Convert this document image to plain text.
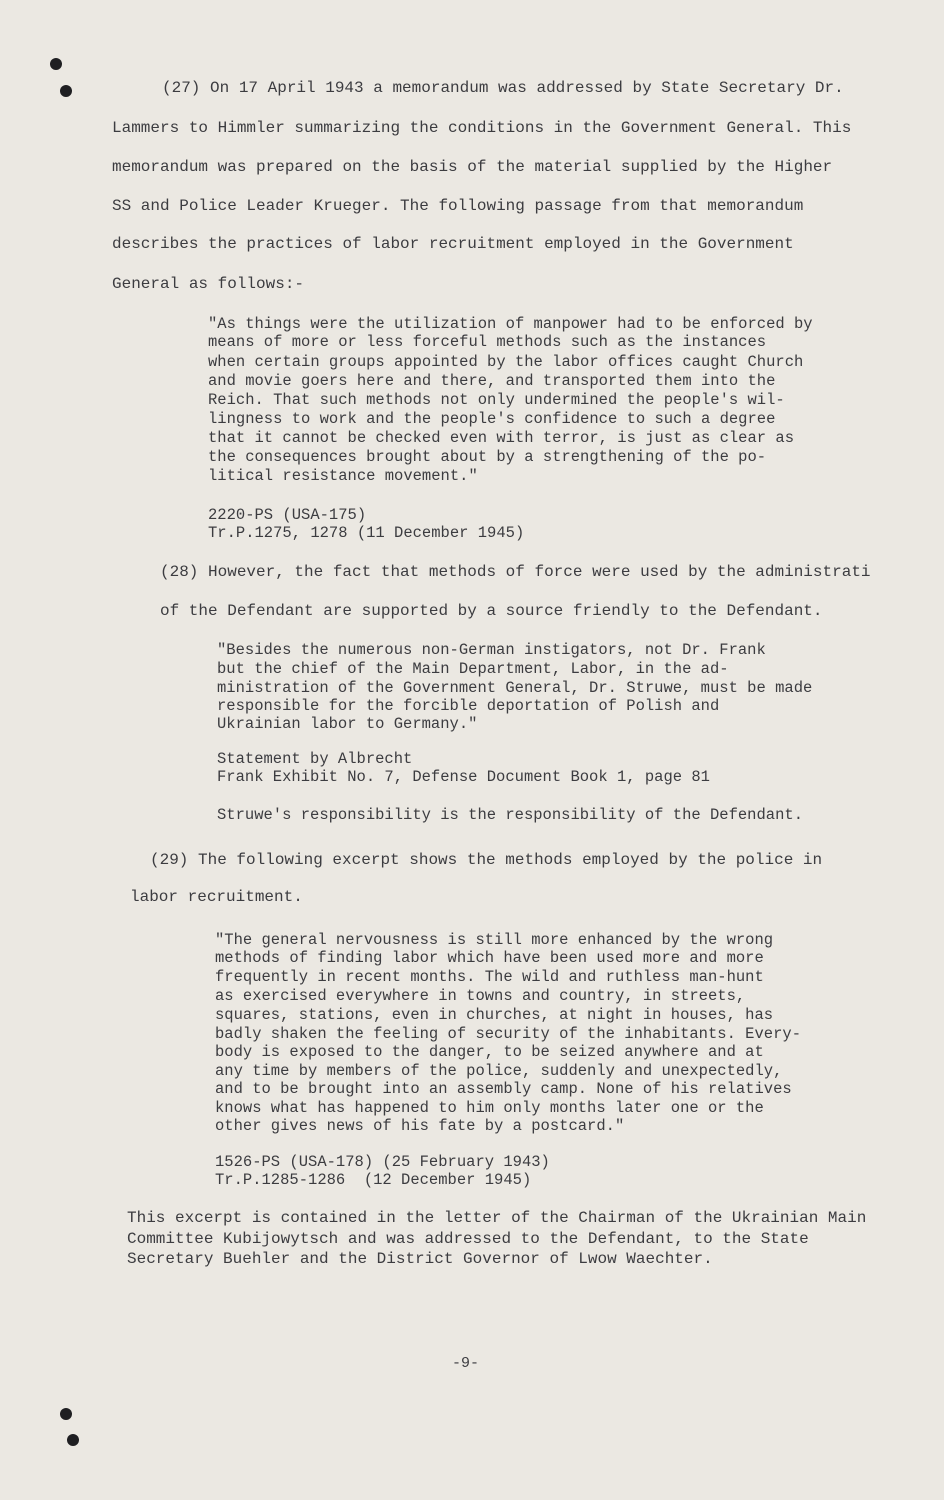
(27) On 17 April 1943 a memorandum was addressed by State Secretary Dr.
Lammers to Himmler summarizing the conditions in the Government General. This
memorandum was prepared on the basis of the material supplied by the Higher
SS and Police Leader Krueger. The following passage from that memorandum
describes the practices of labor recruitment employed in the Government
General as follows:-
"As things were the utilization of manpower had to be enforced by
means of more or less forceful methods such as the instances
when certain groups appointed by the labor offices caught Church
and movie goers here and there, and transported them into the
Reich. That such methods not only undermined the people's wil-
lingness to work and the people's confidence to such a degree
that it cannot be checked even with terror, is just as clear as
the consequences brought about by a strengthening of the po-
litical resistance movement."
2220-PS (USA-175)
Tr.P.1275, 1278 (11 December 1945)
(28) However, the fact that methods of force were used by the administrati
of the Defendant are supported by a source friendly to the Defendant.
"Besides the numerous non-German instigators, not Dr. Frank
but the chief of the Main Department, Labor, in the ad-
ministration of the Government General, Dr. Struwe, must be made
responsible for the forcible deportation of Polish and
Ukrainian labor to Germany."
Statement by Albrecht
Frank Exhibit No. 7, Defense Document Book 1, page 81
Struwe's responsibility is the responsibility of the Defendant.
(29) The following excerpt shows the methods employed by the police in
labor recruitment.
"The general nervousness is still more enhanced by the wrong
methods of finding labor which have been used more and more
frequently in recent months. The wild and ruthless man-hunt
as exercised everywhere in towns and country, in streets,
squares, stations, even in churches, at night in houses, has
badly shaken the feeling of security of the inhabitants. Every-
body is exposed to the danger, to be seized anywhere and at
any time by members of the police, suddenly and unexpectedly,
and to be brought into an assembly camp. None of his relatives
knows what has happened to him only months later one or the
other gives news of his fate by a postcard."
1526-PS (USA-178) (25 February 1943)
Tr.P.1285-1286  (12 December 1945)
This excerpt is contained in the letter of the Chairman of the Ukrainian Main
Committee Kubijowytsch and was addressed to the Defendant, to the State
Secretary Buehler and the District Governor of Lwow Waechter.
-9-
